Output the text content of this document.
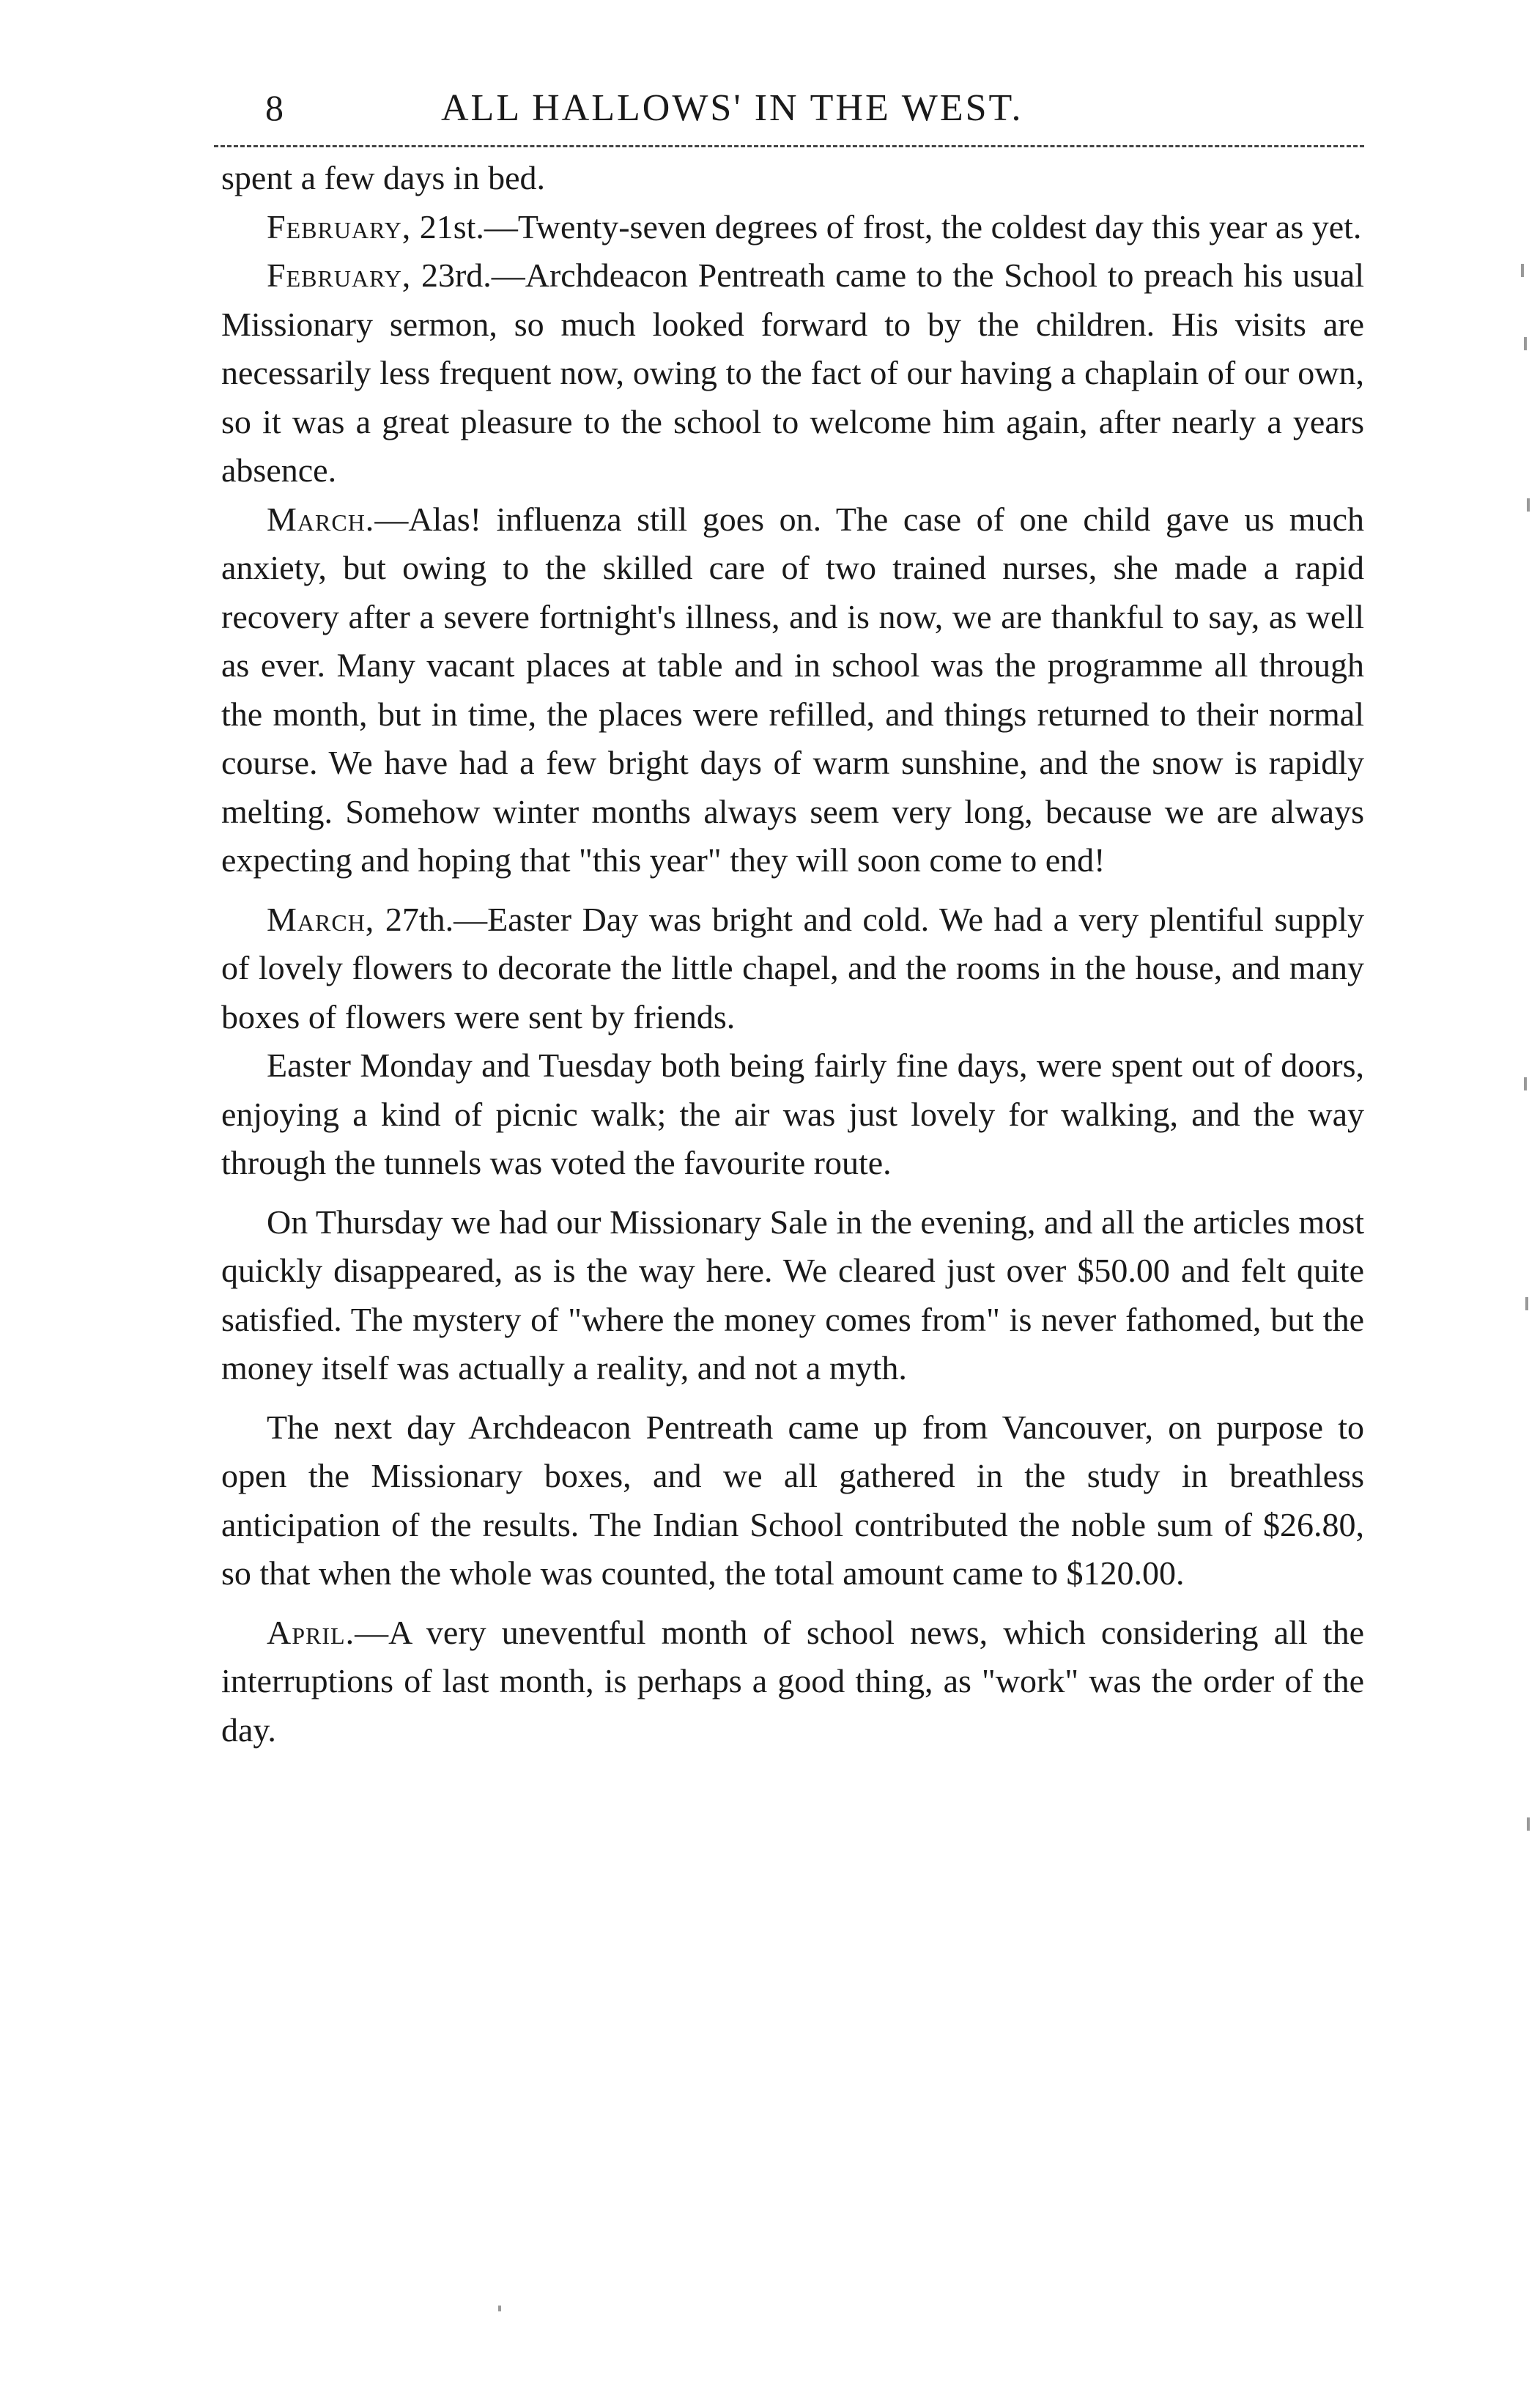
8	ALL HALLOWS' IN THE WEST.

spent a few days in bed.

February, 21st.—Twenty-seven degrees of frost, the coldest day this year as yet.

February, 23rd.—Archdeacon Pentreath came to the School to preach his usual Missionary sermon, so much looked forward to by the children. His visits are necessarily less frequent now, owing to the fact of our having a chaplain of our own, so it was a great pleasure to the school to welcome him again, after nearly a years absence.

March.—Alas! influenza still goes on. The case of one child gave us much anxiety, but owing to the skilled care of two trained nurses, she made a rapid recovery after a severe fortnight's illness, and is now, we are thankful to say, as well as ever. Many vacant places at table and in school was the programme all through the month, but in time, the places were refilled, and things returned to their normal course. We have had a few bright days of warm sunshine, and the snow is rapidly melting. Somehow winter months always seem very long, because we are always expecting and hoping that "this year" they will soon come to end!

March, 27th.—Easter Day was bright and cold. We had a very plentiful supply of lovely flowers to decorate the little chapel, and the rooms in the house, and many boxes of flowers were sent by friends.

Easter Monday and Tuesday both being fairly fine days, were spent out of doors, enjoying a kind of picnic walk; the air was just lovely for walking, and the way through the tunnels was voted the favourite route.

On Thursday we had our Missionary Sale in the evening, and all the articles most quickly disappeared, as is the way here. We cleared just over $50.00 and felt quite satisfied. The mystery of "where the money comes from" is never fathomed, but the money itself was actually a reality, and not a myth.

The next day Archdeacon Pentreath came up from Vancouver, on purpose to open the Missionary boxes, and we all gathered in the study in breathless anticipation of the results. The Indian School contributed the noble sum of $26.80, so that when the whole was counted, the total amount came to $120.00.

April.—A very uneventful month of school news, which considering all the interruptions of last month, is perhaps a good thing, as "work" was the order of the day.
